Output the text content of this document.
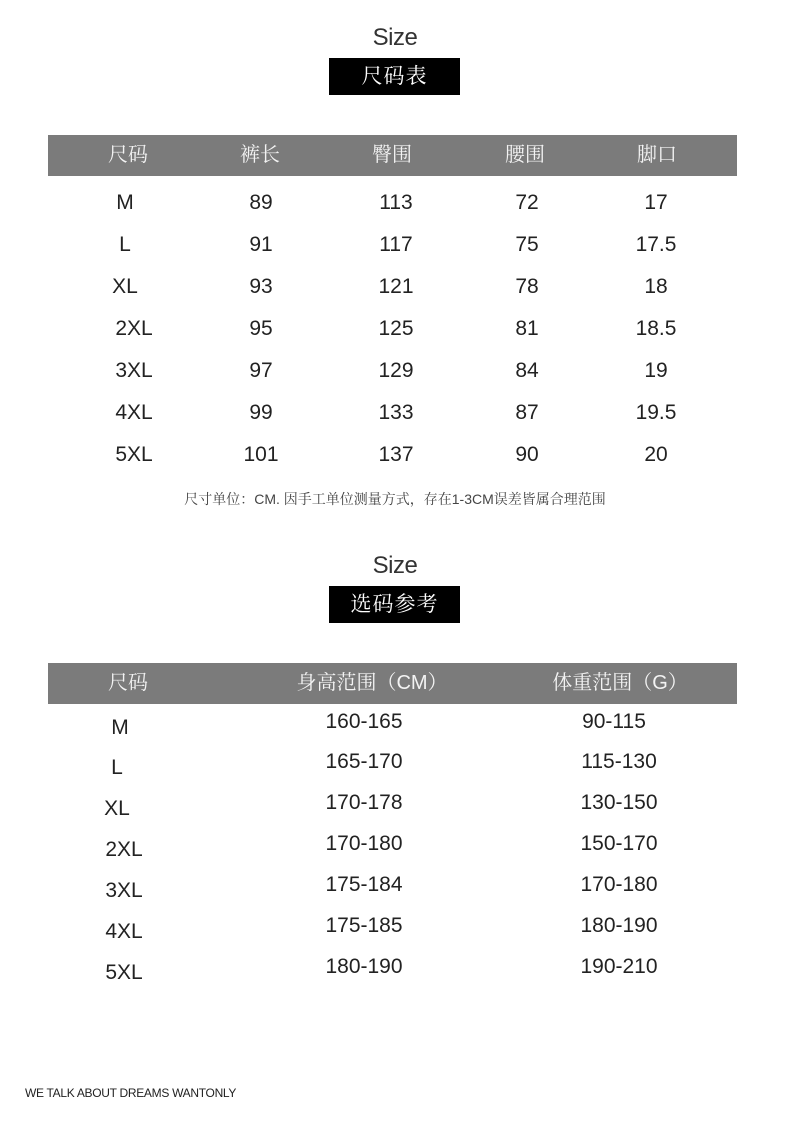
Size
尺码表
尺码	裤长	臀围	腰围	脚口
M	89	113	72	17
L	91	117	75	17.5
XL	93	121	78	18
2XL	95	125	81	18.5
3XL	97	129	84	19
4XL	99	133	87	19.5
5XL	101	137	90	20
尺寸单位：CM. 因手工单位测量方式，存在1-3CM误差皆属合理范围
Size
选码参考
尺码	身高范围（CM）	体重范围（G）
M	160-165	90-115
L	165-170	115-130
XL	170-178	130-150
2XL	170-180	150-170
3XL	175-184	170-180
4XL	175-185	180-190
5XL	180-190	190-210
WE TALK ABOUT DREAMS WANTONLY
